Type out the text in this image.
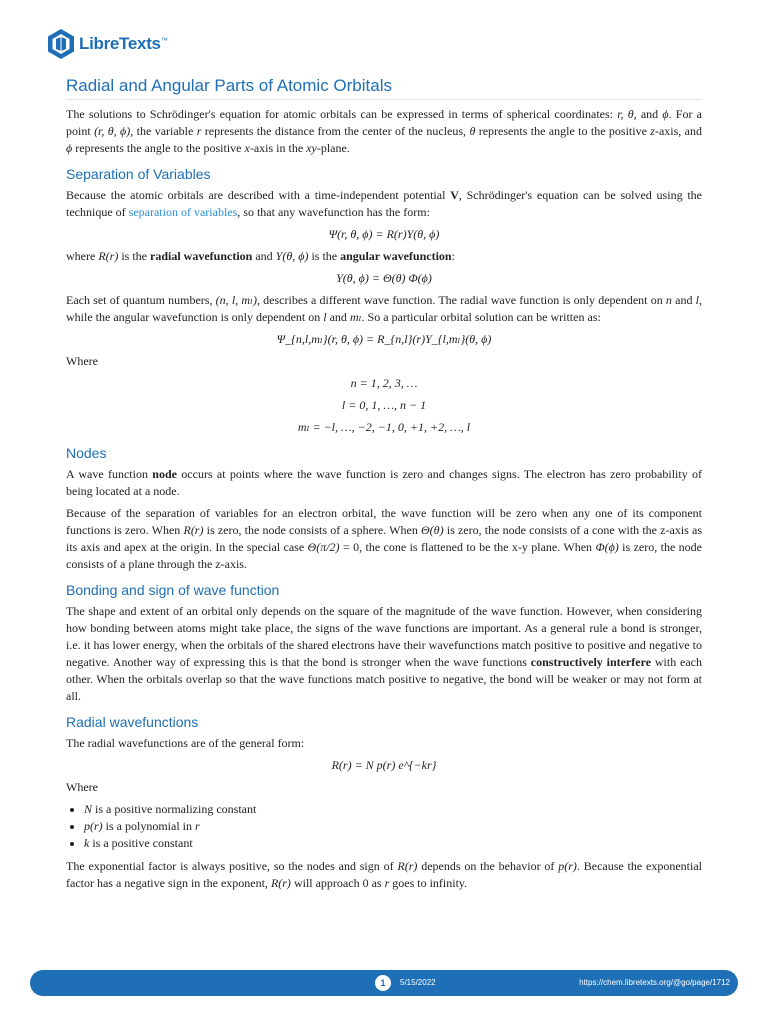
LibreTexts™
Radial and Angular Parts of Atomic Orbitals

The solutions to Schrödinger's equation for atomic orbitals can be expressed in terms of spherical coordinates: r, θ, and ϕ. For a point (r, θ, ϕ), the variable r represents the distance from the center of the nucleus, θ represents the angle to the positive z-axis, and ϕ represents the angle to the positive x-axis in the xy-plane.

Separation of Variables

Because the atomic orbitals are described with a time-independent potential V, Schrödinger's equation can be solved using the technique of separation of variables, so that any wavefunction has the form:

Ψ(r, θ, ϕ) = R(r)Y(θ, ϕ)

where R(r) is the radial wavefunction and Y(θ, ϕ) is the angular wavefunction:

Y(θ, ϕ) = Θ(θ) Φ(ϕ)

Each set of quantum numbers, (n, l, mₗ), describes a different wave function. The radial wave function is only dependent on n and l, while the angular wavefunction is only dependent on l and mₗ. So a particular orbital solution can be written as:

Ψ_{n,l,mₗ}(r, θ, ϕ) = R_{n,l}(r)Y_{l,mₗ}(θ, ϕ)

Where

n = 1, 2, 3, …
l = 0, 1, …, n − 1
mₗ = −l, …, −2, −1, 0, +1, +2, …, l
Nodes

A wave function node occurs at points where the wave function is zero and changes signs. The electron has zero probability of being located at a node.

Because of the separation of variables for an electron orbital, the wave function will be zero when any one of its component functions is zero. When R(r) is zero, the node consists of a sphere. When Θ(θ) is zero, the node consists of a cone with the z-axis as its axis and apex at the origin. In the special case Θ(π/2) = 0, the cone is flattened to be the x-y plane. When Φ(ϕ) is zero, the node consists of a plane through the z-axis.

Bonding and sign of wave function

The shape and extent of an orbital only depends on the square of the magnitude of the wave function. However, when considering how bonding between atoms might take place, the signs of the wave functions are important. As a general rule a bond is stronger, i.e. it has lower energy, when the orbitals of the shared electrons have their wavefunctions match positive to positive and negative to negative. Another way of expressing this is that the bond is stronger when the wave functions constructively interfere with each other. When the orbitals overlap so that the wave functions match positive to negative, the bond will be weaker or may not form at all.

Radial wavefunctions

The radial wavefunctions are of the general form:

R(r) = N p(r) e^{−kr}

Where

• N is a positive normalizing constant
• p(r) is a polynomial in r
• k is a positive constant

The exponential factor is always positive, so the nodes and sign of R(r) depends on the behavior of p(r). Because the exponential factor has a negative sign in the exponent, R(r) will approach 0 as r goes to infinity.

1	5/15/2022	https://chem.libretexts.org/@go/page/1712
